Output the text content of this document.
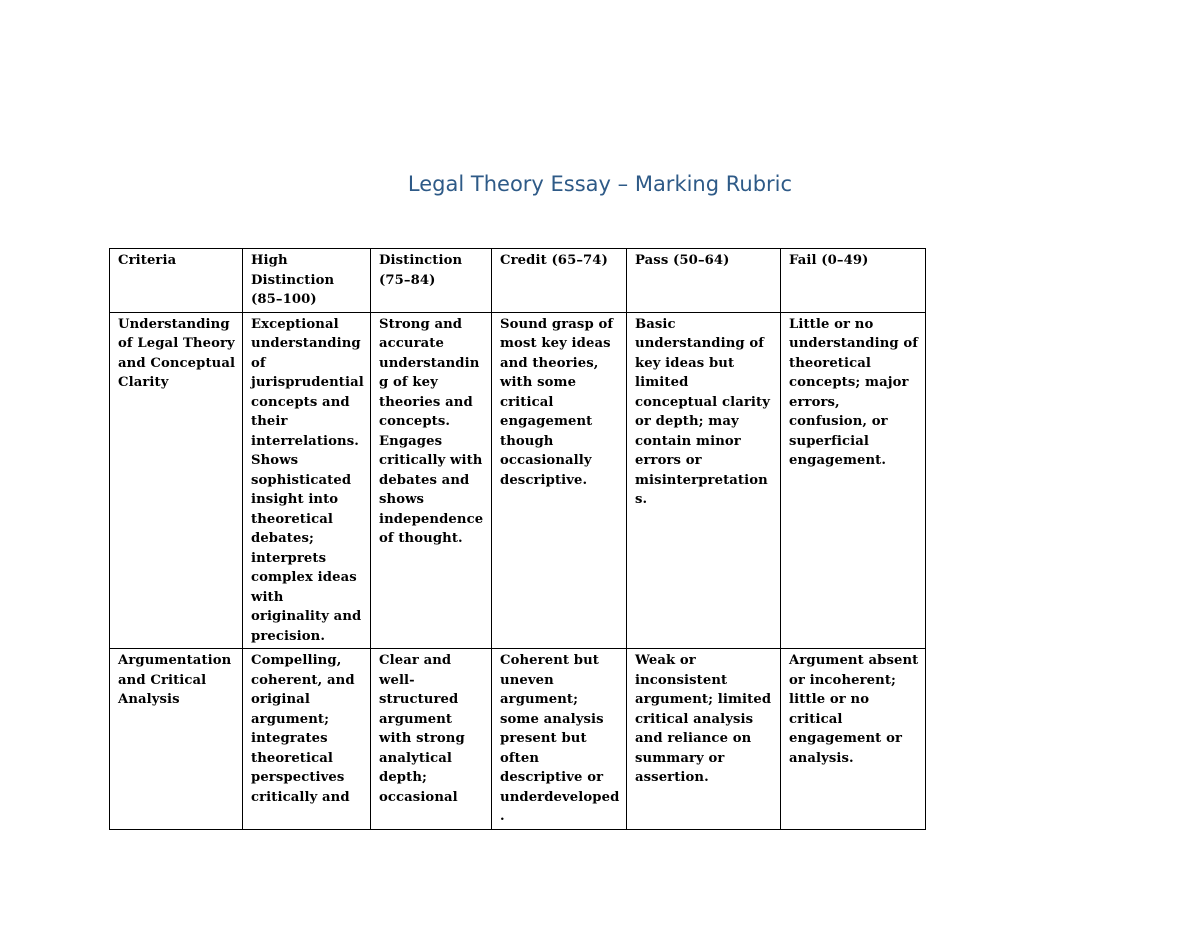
Legal Theory Essay – Marking Rubric
Criteria	High Distinction (85–100)	Distinction (75–84)	Credit (65–74)	Pass (50–64)	Fail (0–49)
Understanding of Legal Theory and Conceptual Clarity	Exceptional understanding of jurisprudential concepts and their interrelations. Shows sophisticated insight into theoretical debates; interprets complex ideas with originality and precision.	Strong and accurate understanding of key theories and concepts. Engages critically with debates and shows independence of thought.	Sound grasp of most key ideas and theories, with some critical engagement though occasionally descriptive.	Basic understanding of key ideas but limited conceptual clarity or depth; may contain minor errors or misinterpretations.	Little or no understanding of theoretical concepts; major errors, confusion, or superficial engagement.
Argumentation and Critical Analysis	Compelling, coherent, and original argument; integrates theoretical perspectives critically and	Clear and well-structured argument with strong analytical depth; occasional	Coherent but uneven argument; some analysis present but often descriptive or underdeveloped.	Weak or inconsistent argument; limited critical analysis and reliance on summary or assertion.	Argument absent or incoherent; little or no critical engagement or analysis.
